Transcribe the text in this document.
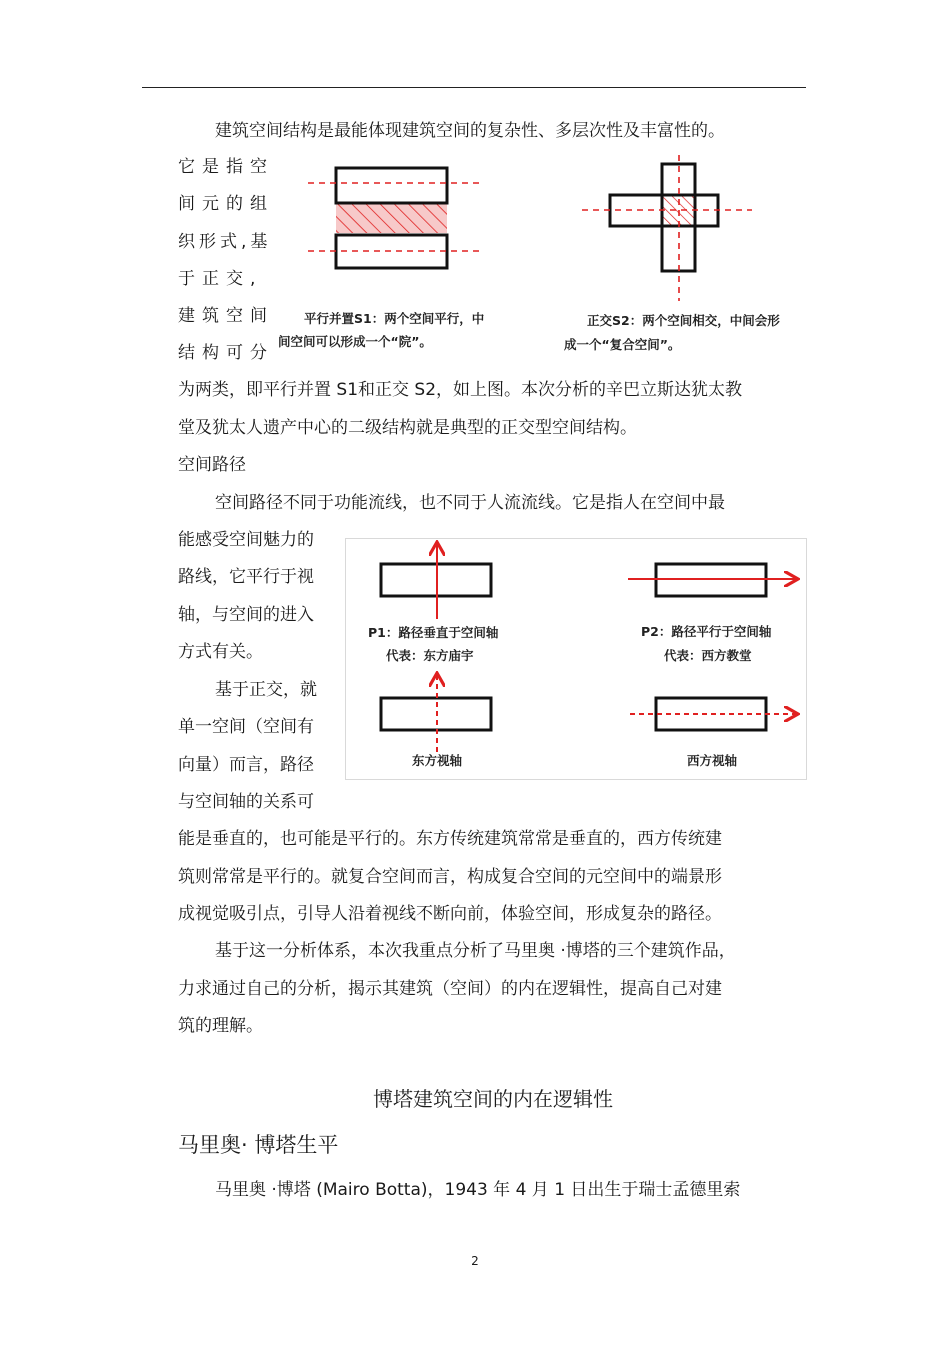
建筑空间结构是最能体现建筑空间的复杂性、多层次性及丰富性的。
它是指空
间元的组
织形式,基
于正交,
建筑空间
结构可分
平行并置S1：两个空间平行，中
间空间可以形成一个“院”。
正交S2：两个空间相交，中间会形
成一个“复合空间”。
为两类，即平行并置 S1和正交 S2，如上图。本次分析的辛巴立斯达犹太教
堂及犹太人遗产中心的二级结构就是典型的正交型空间结构。
空间路径
空间路径不同于功能流线，也不同于人流流线。它是指人在空间中最
能感受空间魅力的
路线，它平行于视
轴，与空间的进入
方式有关。
基于正交，就
单一空间（空间有
向量）而言，路径
与空间轴的关系可
P1：路径垂直于空间轴
代表：东方庙宇
P2：路径平行于空间轴
代表：西方教堂
东方视轴	西方视轴
能是垂直的，也可能是平行的。东方传统建筑常常是垂直的，西方传统建
筑则常常是平行的。就复合空间而言，构成复合空间的元空间中的端景形
成视觉吸引点，引导人沿着视线不断向前，体验空间，形成复杂的路径。
基于这一分析体系，本次我重点分析了马里奥 ·博塔的三个建筑作品，
力求通过自己的分析，揭示其建筑（空间）的内在逻辑性，提高自己对建
筑的理解。
博塔建筑空间的内在逻辑性
马里奥· 博塔生平
马里奥 ·博塔 (Mairo Botta)，1943 年 4 月 1 日出生于瑞士孟德里索
2
